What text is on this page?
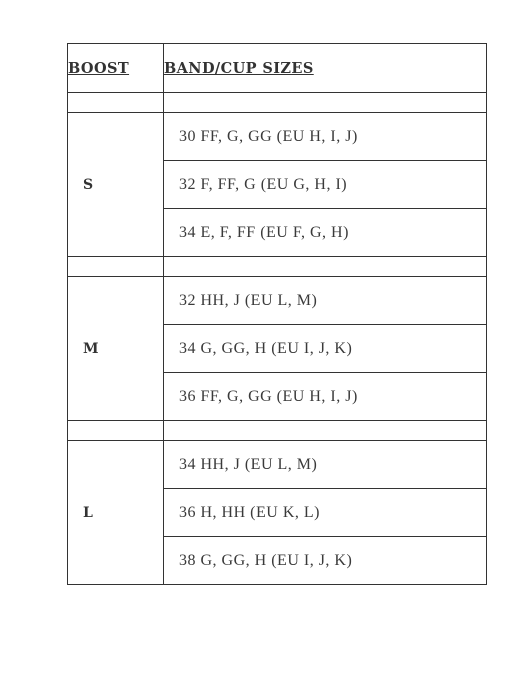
BOOST	BAND/CUP SIZES

S	30 FF, G, GG (EU H, I, J)
	32 F, FF, G (EU G, H, I)
	34 E, F, FF (EU F, G, H)

M	32 HH, J (EU L, M)
	34 G, GG, H (EU I, J, K)
	36 FF, G, GG (EU H, I, J)

L	34 HH, J (EU L, M)
	36 H, HH (EU K, L)
	38 G, GG, H (EU I, J, K)
